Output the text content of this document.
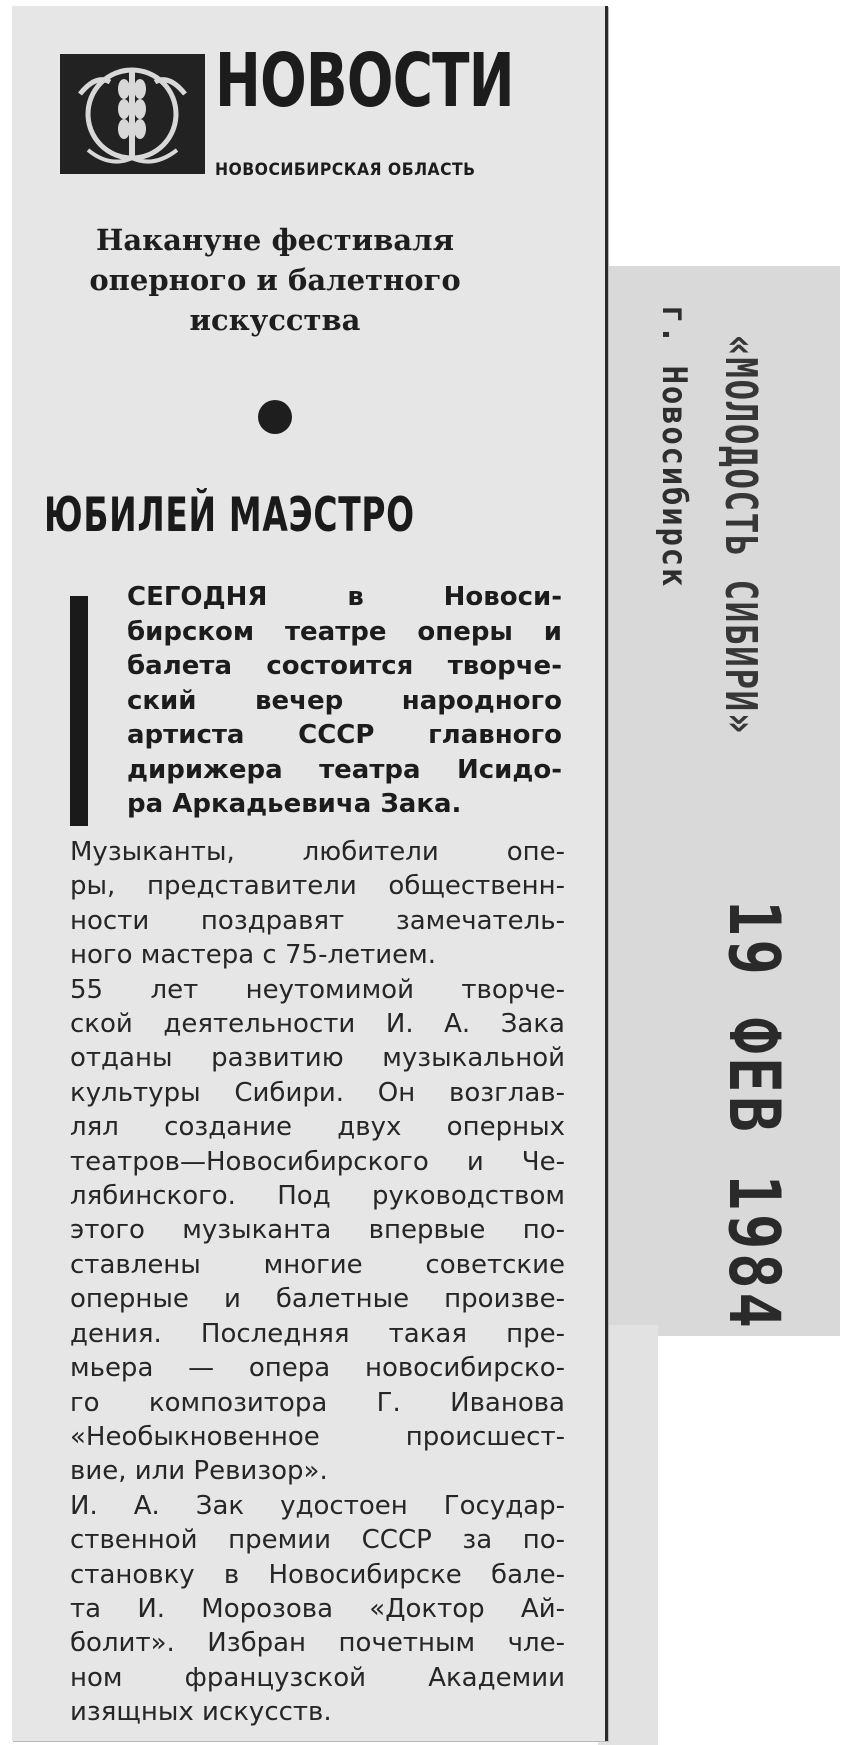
НОВОСТИ
НОВОСИБИРСКАЯ ОБЛАСТЬ
Накануне фестиваля
оперного и балетного
искусства
ЮБИЛЕЙ МАЭСТРО
СЕГОДНЯ в Новоси-
бирском театре оперы и
балета состоится творче-
ский вечер народного
артиста СССР главного
дирижера театра Исидо-
ра Аркадьевича Зака.
Музыканты, любители опе-
ры, представители общественн-
ности поздравят замечатель-
ного мастера с 75-летием.
55 лет неутомимой творче-
ской деятельности И. А. Зака
отданы развитию музыкальной
культуры Сибири. Он возглав-
лял создание двух оперных
театров—Новосибирского и Че-
лябинского. Под руководством
этого музыканта впервые по-
ставлены многие советские
оперные и балетные произве-
дения. Последняя такая пре-
мьера — опера новосибирско-
го композитора Г. Иванова
«Необыкновенное происшест-
вие, или Ревизор».
И. А. Зак удостоен Государ-
ственной премии СССР за по-
становку в Новосибирске бале-
та И. Морозова «Доктор Ай-
болит». Избран почетным чле-
ном французской Академии
изящных искусств.
«МОЛОДОСТЬ СИБИРИ»
г. Новосибирск
19 ФЕВ 1984
